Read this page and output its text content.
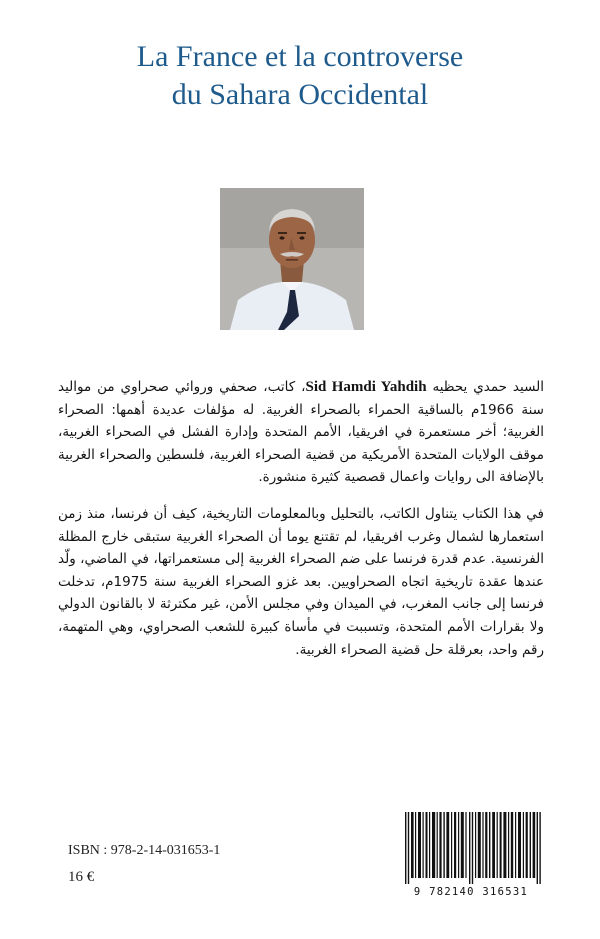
La France et la controverse
du Sahara Occidental

السيد حمدي يحظيه Sid Hamdi Yahdih، كاتب، صحفي وروائي صحراوي من مواليد سنة 1966م بالساقية الحمراء بالصحراء الغربية. له مؤلفات عديدة أهمها: الصحراء الغربية؛ أخر مستعمرة في افريقيا، الأمم المتحدة وإدارة الفشل في الصحراء الغربية، موقف الولايات المتحدة الأمريكية من قضية الصحراء الغربية، فلسطين والصحراء الغربية بالإضافة الى روايات واعمال قصصية كثيرة منشورة.

في هذا الكتاب يتناول الكاتب، بالتحليل وبالمعلومات التاريخية، كيف أن فرنسا، منذ زمن استعمارها لشمال وغرب افريقيا، لم تقتنع يوما أن الصحراء الغربية ستبقى خارج المظلة الفرنسية. عدم قدرة فرنسا على ضم الصحراء الغربية إلى مستعمراتها، في الماضي، ولّد عندها عقدة تاريخية اتجاه الصحراويين. بعد غزو الصحراء الغربية سنة 1975م، تدخلت فرنسا إلى جانب المغرب، في الميدان وفي مجلس الأمن، غير مكترثة لا بالقانون الدولي ولا بقرارات الأمم المتحدة، وتسببت في مأساة كبيرة للشعب الصحراوي، وهي المتهمة، رقم واحد، بعرقلة حل قضية الصحراء الغربية.

ISBN : 978-2-14-031653-1
16 €
9 782140 316531
